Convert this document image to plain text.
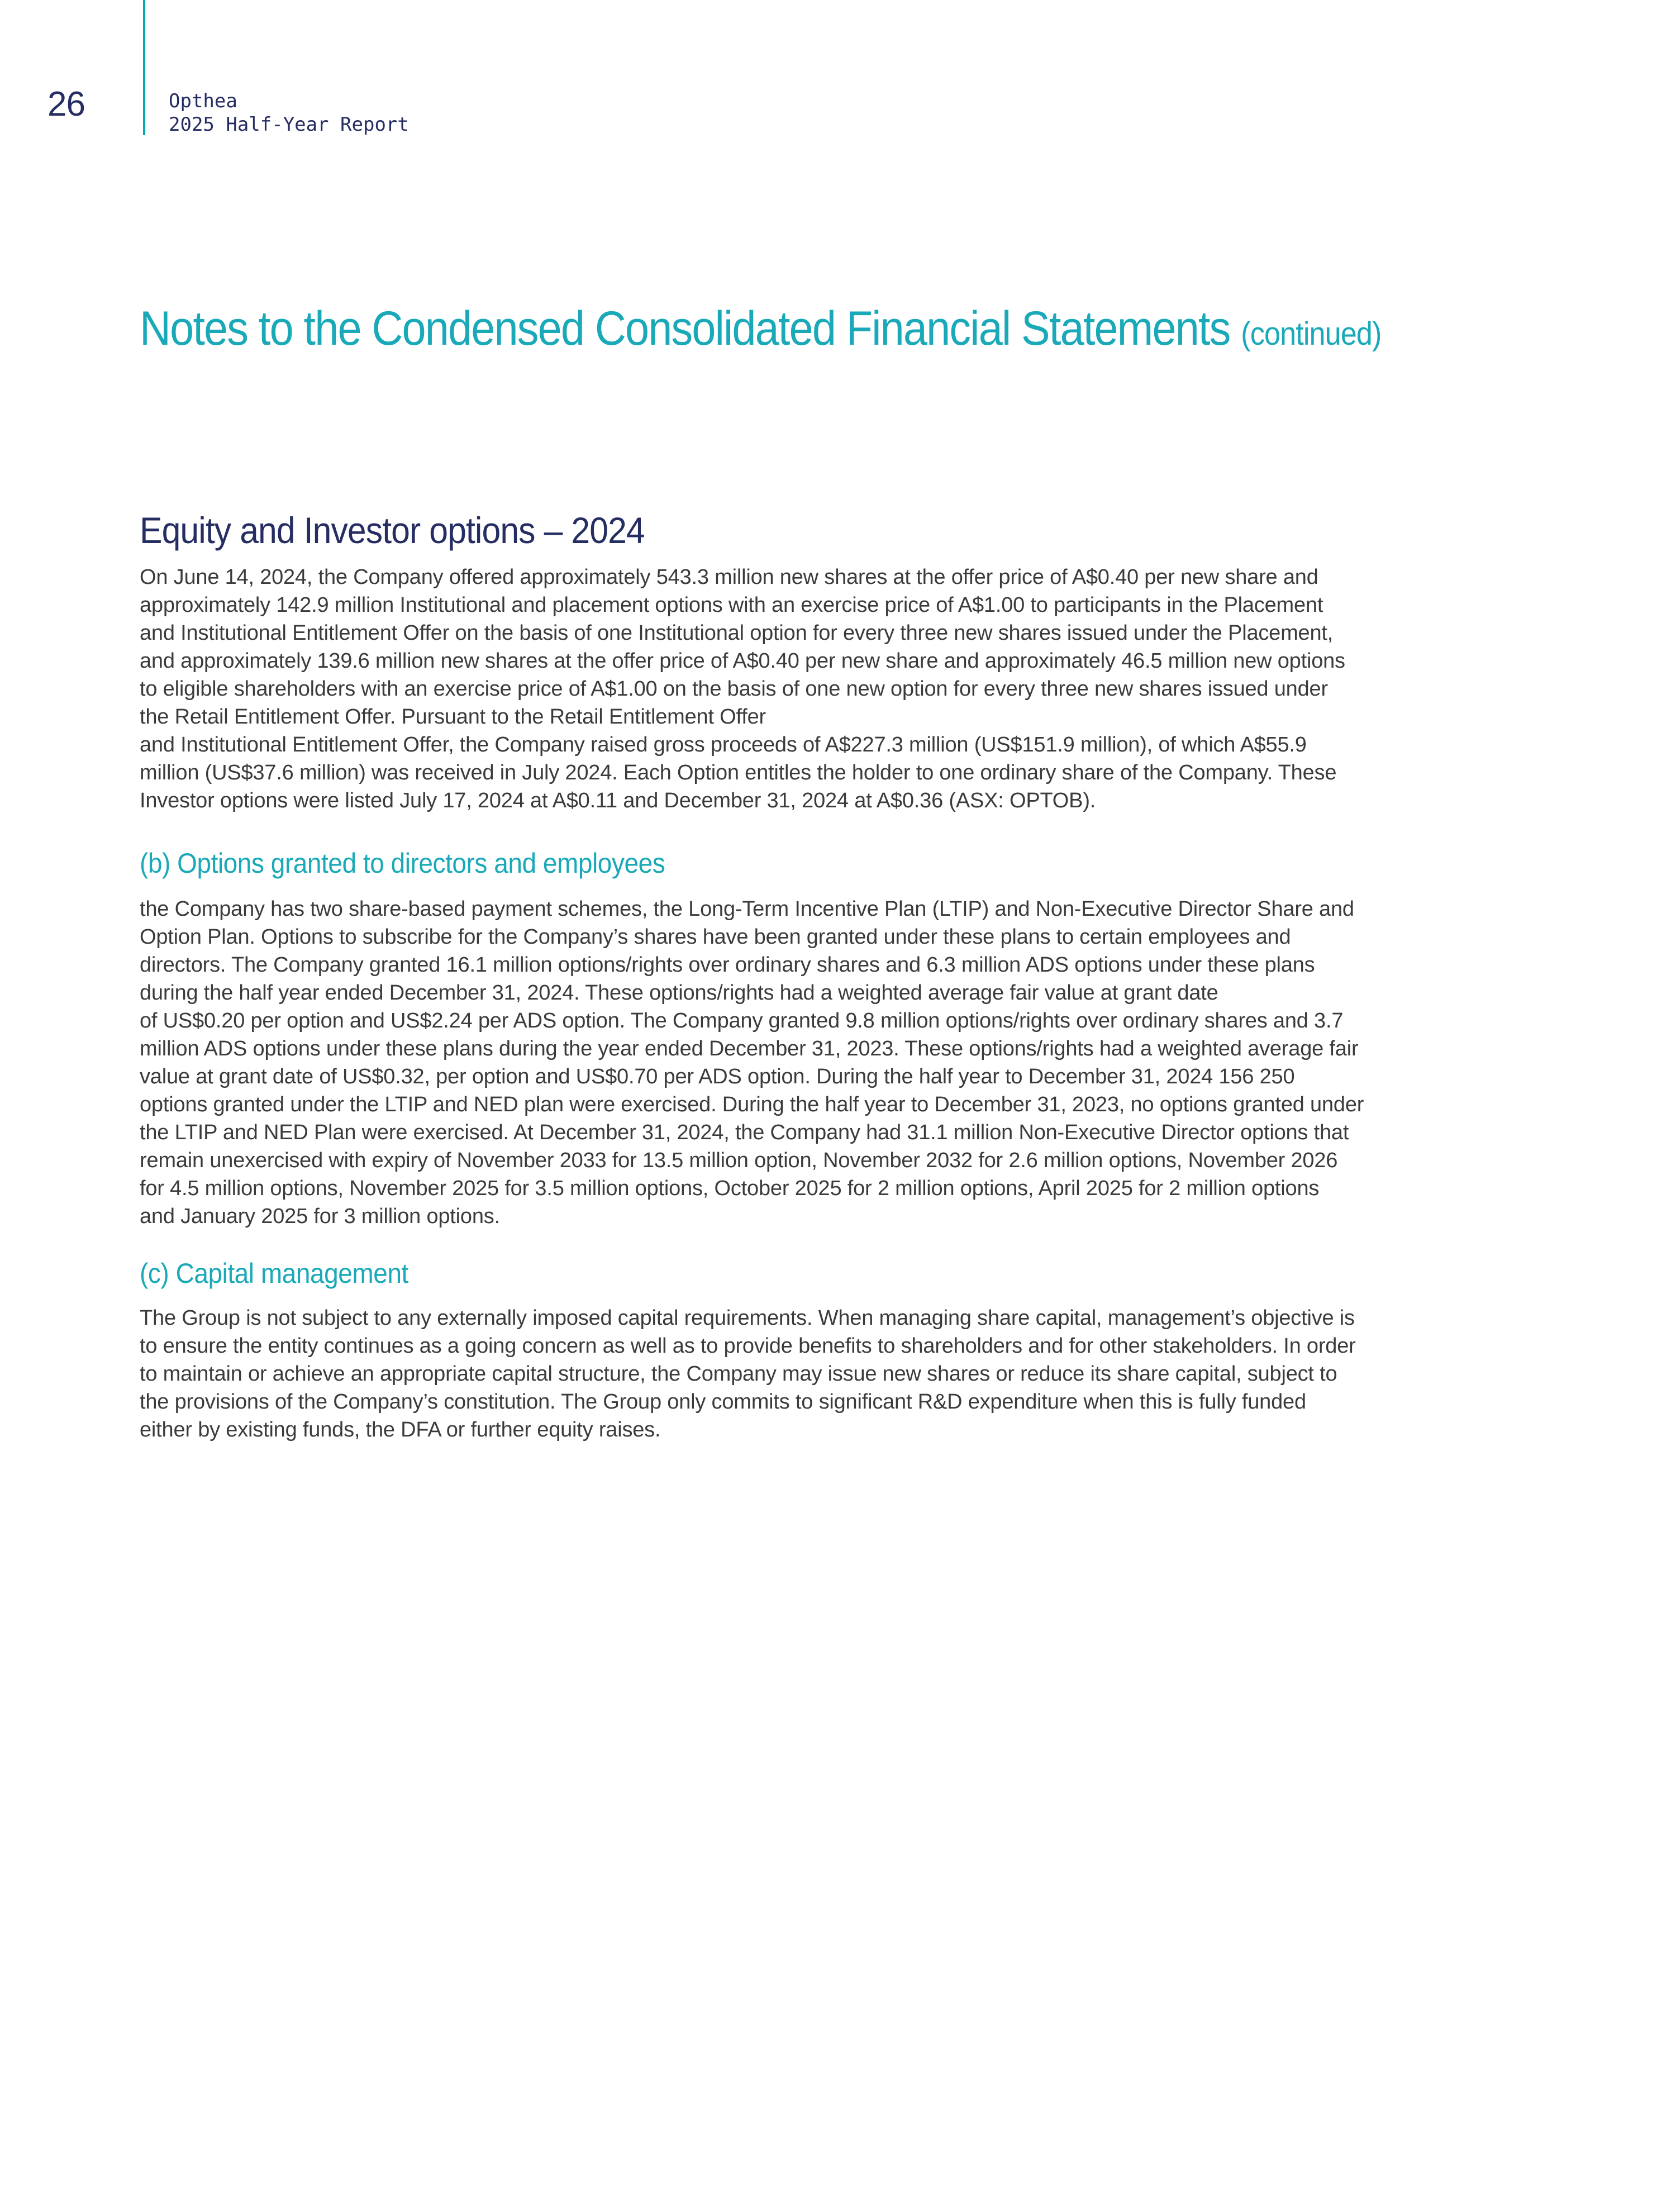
26	Opthea
2025 Half-Year Report
Notes to the Condensed Consolidated Financial Statements (continued)
Equity and Investor options – 2024
On June 14, 2024, the Company offered approximately 543.3 million new shares at the offer price of A$0.40 per new share and
approximately 142.9 million Institutional and placement options with an exercise price of A$1.00 to participants in the Placement
and Institutional Entitlement Offer on the basis of one Institutional option for every three new shares issued under the Placement,
and approximately 139.6 million new shares at the offer price of A$0.40 per new share and approximately 46.5 million new options
to eligible shareholders with an exercise price of A$1.00 on the basis of one new option for every three new shares issued under
the Retail Entitlement Offer. Pursuant to the Retail Entitlement Offer
and Institutional Entitlement Offer, the Company raised gross proceeds of A$227.3 million (US$151.9 million), of which A$55.9
million (US$37.6 million) was received in July 2024. Each Option entitles the holder to one ordinary share of the Company. These
Investor options were listed July 17, 2024 at A$0.11 and December 31, 2024 at A$0.36 (ASX: OPTOB).
(b) Options granted to directors and employees
the Company has two share-based payment schemes, the Long-Term Incentive Plan (LTIP) and Non-Executive Director Share and
Option Plan. Options to subscribe for the Company’s shares have been granted under these plans to certain employees and
directors. The Company granted 16.1 million options/rights over ordinary shares and 6.3 million ADS options under these plans
during the half year ended December 31, 2024. These options/rights had a weighted average fair value at grant date
of US$0.20 per option and US$2.24 per ADS option. The Company granted 9.8 million options/rights over ordinary shares and 3.7
million ADS options under these plans during the year ended December 31, 2023. These options/rights had a weighted average fair
value at grant date of US$0.32, per option and US$0.70 per ADS option. During the half year to December 31, 2024 156 250
options granted under the LTIP and NED plan were exercised. During the half year to December 31, 2023, no options granted under
the LTIP and NED Plan were exercised. At December 31, 2024, the Company had 31.1 million Non-Executive Director options that
remain unexercised with expiry of November 2033 for 13.5 million option, November 2032 for 2.6 million options, November 2026
for 4.5 million options, November 2025 for 3.5 million options, October 2025 for 2 million options, April 2025 for 2 million options
and January 2025 for 3 million options.
(c) Capital management
The Group is not subject to any externally imposed capital requirements. When managing share capital, management’s objective is
to ensure the entity continues as a going concern as well as to provide benefits to shareholders and for other stakeholders. In order
to maintain or achieve an appropriate capital structure, the Company may issue new shares or reduce its share capital, subject to
the provisions of the Company’s constitution. The Group only commits to significant R&D expenditure when this is fully funded
either by existing funds, the DFA or further equity raises.
